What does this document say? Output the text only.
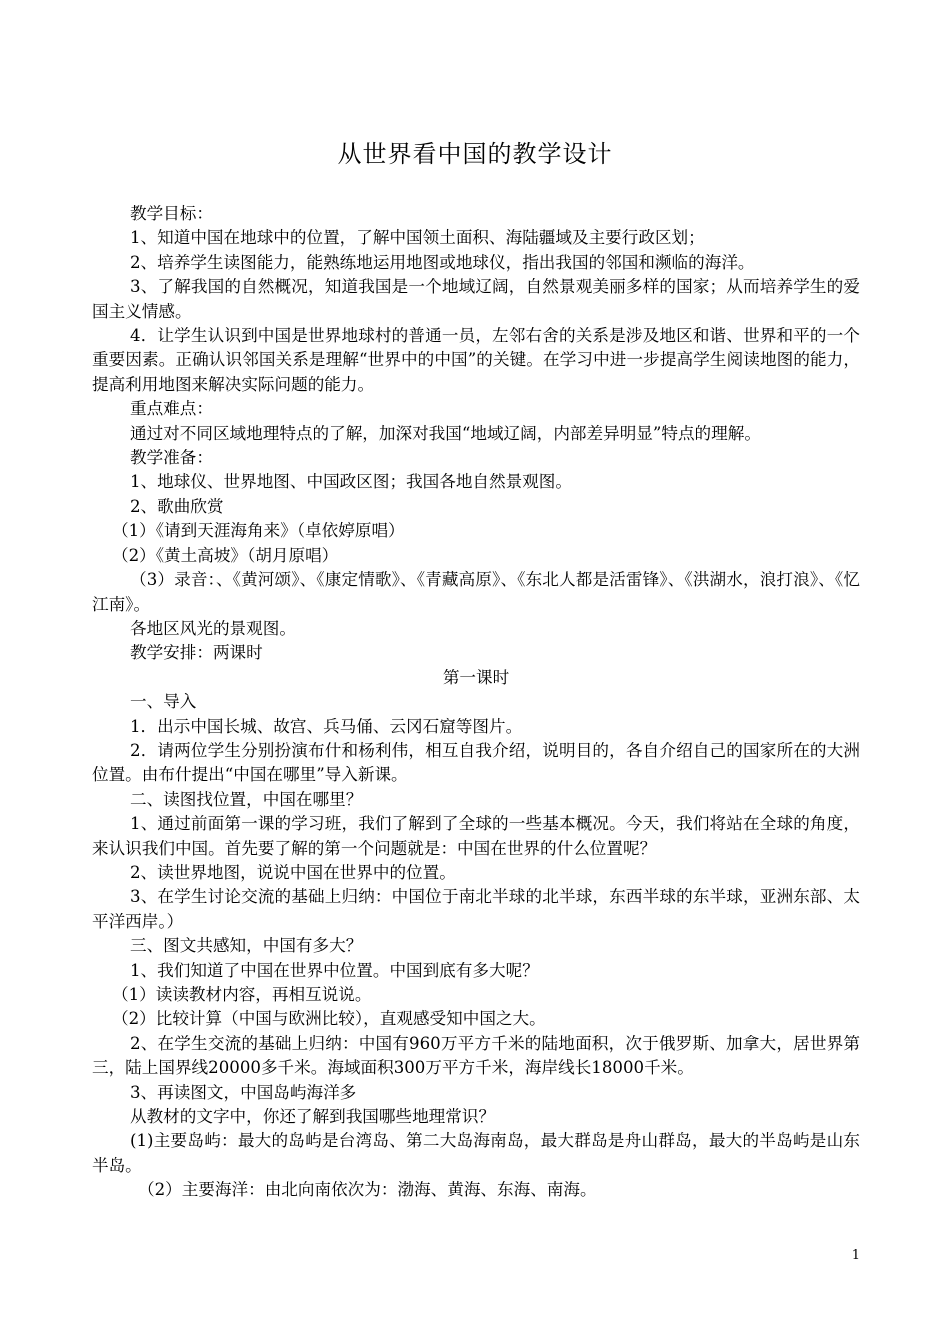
从世界看中国的教学设计

教学目标：

1、知道中国在地球中的位置，了解中国领土面积、海陆疆域及主要行政区划；

2、培养学生读图能力，能熟练地运用地图或地球仪，指出我国的邻国和濒临的海洋。

3、了解我国的自然概况，知道我国是一个地域辽阔，自然景观美丽多样的国家；从而培养学生的爱国主义情感。

4．让学生认识到中国是世界地球村的普通一员，左邻右舍的关系是涉及地区和谐、世界和平的一个重要因素。正确认识邻国关系是理解“世界中的中国”的关键。在学习中进一步提高学生阅读地图的能力，提高利用地图来解决实际问题的能力。

重点难点：

通过对不同区域地理特点的了解，加深对我国“地域辽阔，内部差异明显”特点的理解。

教学准备：

1、地球仪、世界地图、中国政区图；我国各地自然景观图。

2、歌曲欣赏

（1）《请到天涯海角来》（卓依婷原唱）

（2）《黄土高坡》（胡月原唱）

（3）录音：、《黄河颂》、《康定情歌》、《青藏高原》、《东北人都是活雷锋》、《洪湖水，浪打浪》、《忆江南》。

各地区风光的景观图。

教学安排：两课时

第一课时

一、导入

1．出示中国长城、故宫、兵马俑、云冈石窟等图片。

2．请两位学生分别扮演布什和杨利伟，相互自我介绍，说明目的，各自介绍自己的国家所在的大洲位置。由布什提出“中国在哪里”导入新课。

二、读图找位置，中国在哪里？

1、通过前面第一课的学习班，我们了解到了全球的一些基本概况。今天，我们将站在全球的角度，来认识我们中国。首先要了解的第一个问题就是：中国在世界的什么位置呢？

2、读世界地图，说说中国在世界中的位置。

3、在学生讨论交流的基础上归纳：中国位于南北半球的北半球，东西半球的东半球，亚洲东部、太平洋西岸。）

三、图文共感知，中国有多大？

1、我们知道了中国在世界中位置。中国到底有多大呢？

（1）读读教材内容，再相互说说。

（2）比较计算（中国与欧洲比较），直观感受知中国之大。

2、在学生交流的基础上归纳：中国有960万平方千米的陆地面积，次于俄罗斯、加拿大，居世界第三，陆上国界线20000多千米。海域面积300万平方千米，海岸线长18000千米。

3、再读图文，中国岛屿海洋多

从教材的文字中，你还了解到我国哪些地理常识？

(1)主要岛屿：最大的岛屿是台湾岛、第二大岛海南岛，最大群岛是舟山群岛，最大的半岛屿是山东半岛。

（2）主要海洋：由北向南依次为：渤海、黄海、东海、南海。

1
